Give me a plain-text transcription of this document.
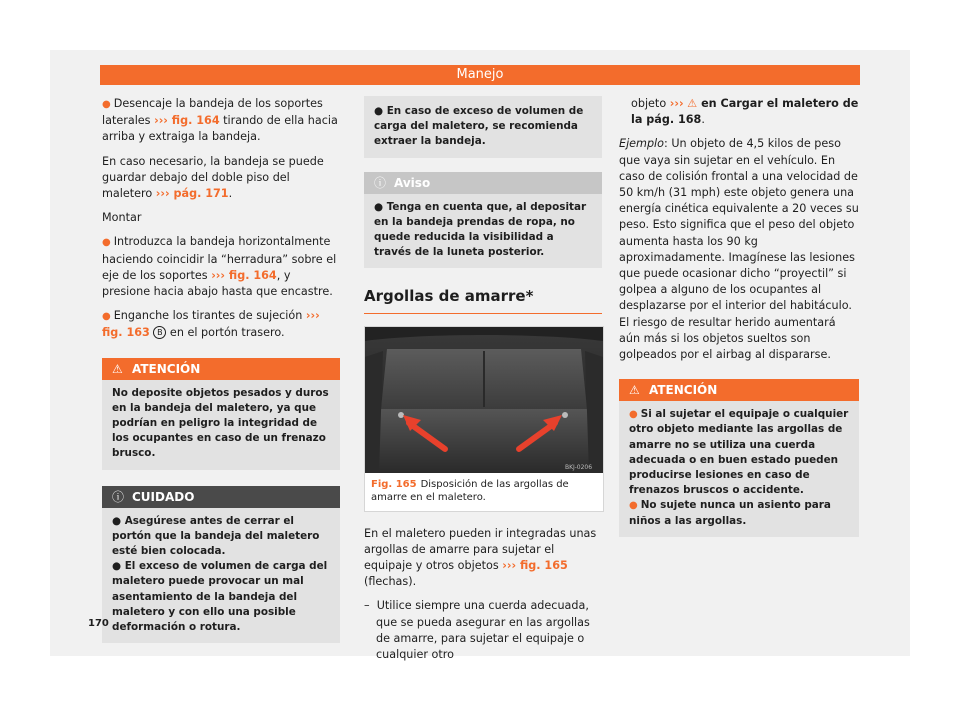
Manejo

● Desencaje la bandeja de los soportes laterales ››› fig. 164 tirando de ella hacia arriba y extraiga la bandeja.

En caso necesario, la bandeja se puede guardar debajo del doble piso del maletero ››› pág. 171.

Montar

● Introduzca la bandeja horizontalmente haciendo coincidir la “herradura” sobre el eje de los soportes ››› fig. 164, y presione hacia abajo hasta que encastre.

● Enganche los tirantes de sujeción ››› fig. 163 B en el portón trasero.

⚠ ATENCIÓN

No deposite objetos pesados y duros en la bandeja del maletero, ya que podrían en peligro la integridad de los ocupantes en caso de un frenazo brusco.

ⓘ CUIDADO

● Asegúrese antes de cerrar el portón que la bandeja del maletero esté bien colocada.

● El exceso de volumen de carga del maletero puede provocar un mal asentamiento de la bandeja del maletero y con ello una posible deformación o rotura.

170

● En caso de exceso de volumen de carga del maletero, se recomienda extraer la bandeja.

ⓘ Aviso

● Tenga en cuenta que, al depositar en la bandeja prendas de ropa, no quede reducida la visibilidad a través de la luneta posterior.

Argollas de amarre*
BKJ-0206
Fig. 165 Disposición de las argollas de amarre en el maletero.

En el maletero pueden ir integradas unas argollas de amarre para sujetar el equipaje y otros objetos ››› fig. 165 (flechas).

–  Utilice siempre una cuerda adecuada, que se pueda asegurar en las argollas de amarre, para sujetar el equipaje o cualquier otro

objeto ››› ⚠ en Cargar el maletero de la pág. 168.

Ejemplo: Un objeto de 4,5 kilos de peso que vaya sin sujetar en el vehículo. En caso de colisión frontal a una velocidad de 50 km/h (31 mph) este objeto genera una energía cinética equivalente a 20 veces su peso. Esto significa que el peso del objeto aumenta hasta los 90 kg aproximadamente. Imagínese las lesiones que puede ocasionar dicho “proyectil” si golpea a alguno de los ocupantes al desplazarse por el interior del habitáculo. El riesgo de resultar herido aumentará aún más si los objetos sueltos son golpeados por el airbag al dispararse.

⚠ ATENCIÓN

● Si al sujetar el equipaje o cualquier otro objeto mediante las argollas de amarre no se utiliza una cuerda adecuada o en buen estado pueden producirse lesiones en caso de frenazos bruscos o accidente.

● No sujete nunca un asiento para niños a las argollas.
